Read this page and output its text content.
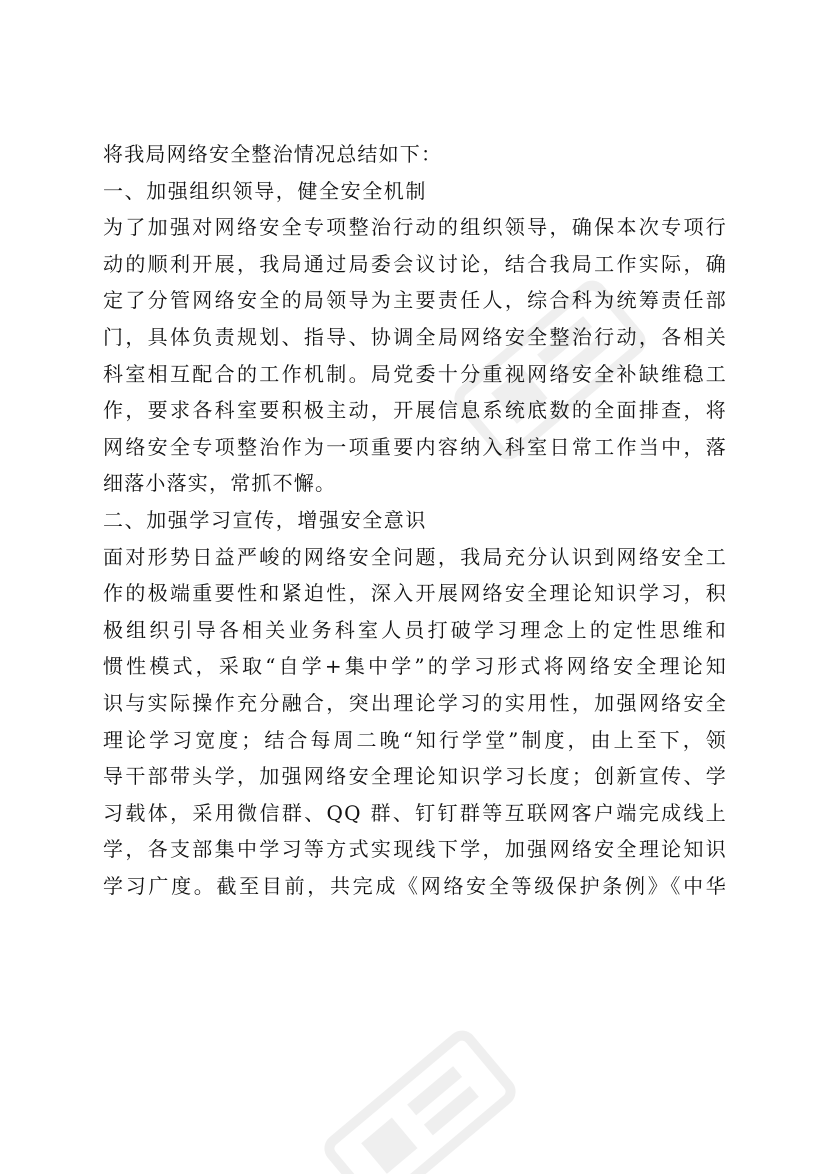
将我局网络安全整治情况总结如下：
一、加强组织领导，健全安全机制
为了加强对网络安全专项整治行动的组织领导，确保本次专项行
动的顺利开展，我局通过局委会议讨论，结合我局工作实际，确
定了分管网络安全的局领导为主要责任人，综合科为统筹责任部
门，具体负责规划、指导、协调全局网络安全整治行动，各相关
科室相互配合的工作机制。局党委十分重视网络安全补缺维稳工
作，要求各科室要积极主动，开展信息系统底数的全面排查，将
网络安全专项整治作为一项重要内容纳入科室日常工作当中，落
细落小落实，常抓不懈。
二、加强学习宣传，增强安全意识
面对形势日益严峻的网络安全问题，我局充分认识到网络安全工
作的极端重要性和紧迫性，深入开展网络安全理论知识学习，积
极组织引导各相关业务科室人员打破学习理念上的定性思维和
惯性模式，采取“自学+集中学”的学习形式将网络安全理论知
识与实际操作充分融合，突出理论学习的实用性，加强网络安全
理论学习宽度；结合每周二晚“知行学堂”制度，由上至下，领
导干部带头学，加强网络安全理论知识学习长度；创新宣传、学
习载体，采用微信群、QQ 群、钉钉群等互联网客户端完成线上
学，各支部集中学习等方式实现线下学，加强网络安全理论知识
学习广度。截至目前，共完成《网络安全等级保护条例》《中华
